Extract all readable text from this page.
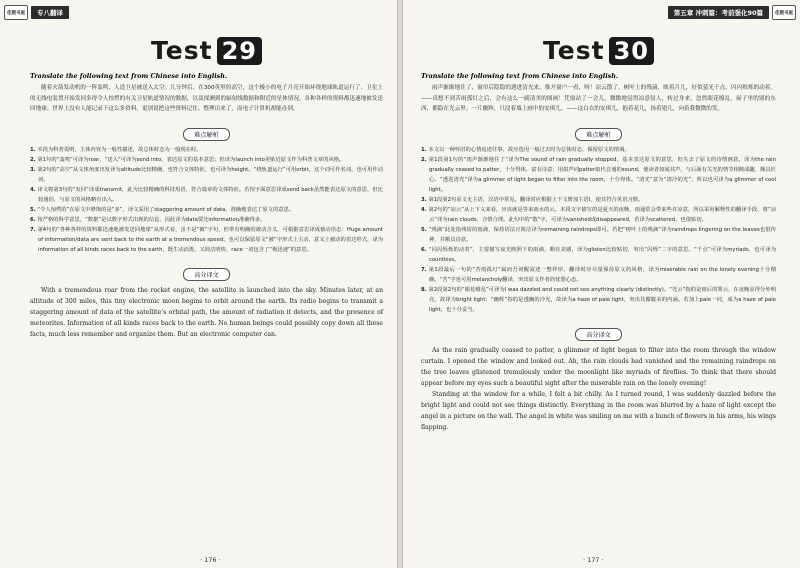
佳题书屋	专八翻译
Test 29
Translate the following text from Chinese into English.

随着火箭发动机的一阵轰鸣，人造卫星被送入太空。几分钟后，在300英里的高空，这个极小的电子月亮开始环绕地球轨道运行了。卫星上的无线电装置开始发回多得令人惊愕的有关卫星轨道情况的数据，以及探测到的辐射线数据和附近的星体情况。各种各样的资料都迅速地被发送回地球。世界上没有人能记录下这么多资料，更别说把这些资料记住、整理出来了，而电子计算机却能办到。

难点解析
1. 本段为科普说明，主体内容为一般性描述，故总体时态为一般现在时。
2. 第1句的“轰鸣”可译为roar，“送入”可译为send into，表达原文的基本意思；但译为launch into更贴近原文作为科普文章的风格。
3. 第2句的“高空”从文体角度出发译为altitude比较精确，也符合文体特征，也可译为height。“绕轨道运行”可用orbit，这个词可作名词，也可用作动词。
4. 译文将第3句的“发回”译成transmit，此为比较精确的科技用语，符合篇章的文体特征。若按字面意思译成send back虽然能表达原文的意思，但比较通俗，与原文的风格略有出入。
5. “令人惊愕的”在原文中修饰的是“多”，译文采用了staggering amount of data，准确地表达了原文的意思。
6. 按严格的科学意思，“数据”是以数字形式出现的信息，因此译为data要比information准确得多。
7. 第4句的“各种各样的资料都迅速地被发送回地球”从形式看，虽不是“被”字句，但带有明确的被动含义，可根据意思译成被动语态：Huge amount of information/data are sent back to the earth at a tremendous speed。也可以保留原文“被”字形式上主动、意义上被动的表达形式，译为information of all kinds races back to the earth，既生动活泼，又简洁明快，race一词包含了“极迅速”的意思。
高分译文

With a tremendous roar from the rocket engine, the satellite is launched into the sky. Minutes later, at an altitude of 300 miles, this tiny electronic moon begins to orbit around the earth. Its radio begins to transmit a staggering amount of data of the satellite’s orbital path, the amount of radiation it detects, and the presence of meteorites. Information of all kinds races back to the earth. No human beings could possibly copy down all these facts, much less remember and organize them. But an electronic computer can.

· 176 ·
第五章 冲刺篇：考前强化90篇	佳题书屋
Test 30
Translate the following text from Chinese into English.

雨声渐渐地住了，窗帘后隐隐的透进清光来。推开窗户一看，呀！凉云散了，树叶上的残滴，映着月儿，好似萤光千点，闪闪烁烁的动着。——真想不到苦雨孤灯之后，会有这么一副清美的图画！凭窗站了一会儿，微微地觉得凉意侵人，转过身来，忽然眼花缭乱，屋子里的别的东西，都隐在光云里；一片幽辉，只浸着墙上画中的安琪儿。——这白衣的安琪儿，抱着花儿，扬着翅儿，向着我微微的笑。

难点解析
1. 本文以一种怀旧的心情追述往事，故应选用一般过去时为总体时态，保留原文的情调。
2. 第1段第1句的“雨声渐渐地住了”译为The sound of rain gradually stopped，基本表达原文的意思，但失去了原文的诗情画意。译为the rain gradually ceased to patter，十分得体，富有诗意；用拟声词patter取代音通的sound，使读者如闻其声，与后面有关光的情节相映成趣，颇具匠心。“透进清光”译为a glimmer of light began to filter into the room，十分得体。“清光”意为“清冷的光”，所以也可译为a glimmer of cool light。
3. 第1段第2句原文无主语，汉语中常见。翻译时应根据上下文增加主语I，使其符合英语习惯。
4. 第2句的“凉云”从上下文来看，应该就是等来雨水的云。本段文字描写的是夏天的夜晚，雨通常会带来些许凉意，所以采用解释性的翻译手段，将“凉云”译为rain clouds，合情合理。此句中的“散”字，可译为vanished或disappeared，若译为scattered，也很贴切。
5. “残滴”此处指残留的雨滴，保持语法且简洁译为remaining raindrops即可。若把“树叶上的残滴”译为raindrops lingering on the leaves也很传神，并颇具诗意。
6. “闪闪烁烁的动着”，主要描写夜光映照下的雨滴，颇有美感，译为glisten比较贴切，突出“闪烁”二字的意思。“千点”可译为myriads，也可译为countless。
7. 第1段最后一句的“苦雨孤灯”属而吾词醒叙述一整样形，翻译时应尽量保持原文的风格，译为miserable rain on the lonely evening十分精确。“苦”字也可用melancholy翻译，突出原文作者的忧愁心态。
8. 第2段第2句的“眼花缭乱”可译为I was dazzled and could not see anything clearly (distinctly)。“光云”指的是雨后的雾云，在夜晚显得分外明亮，故译为bright light；“幽辉”指的是透幽的冷光，故译为a haze of pale light，突出其朦胧美的内涵。若加上pale一词，成为a haze of pale light，也十分妥当。
高分译文

As the rain gradually ceased to patter, a glimmer of light began to filter into the room through the window curtain. I opened the window and looked out. Ah, the rain clouds had vanished and the remaining raindrops on the tree leaves glistened tremulously under the moonlight like myriads of fireflies. To think that there should appear before my eyes such a beautiful sight after the miserable rain on the lonely evening!

Standing at the window for a while, I felt a bit chilly. As I turned round, I was suddenly dazzled before the bright light and could not see things distinctly. Everything in the room was blurred by a haze of light except the angel in a picture on the wall. The angel in white was smiling on me with a bunch of flowers in his arms, his wings flapping.

· 177 ·
